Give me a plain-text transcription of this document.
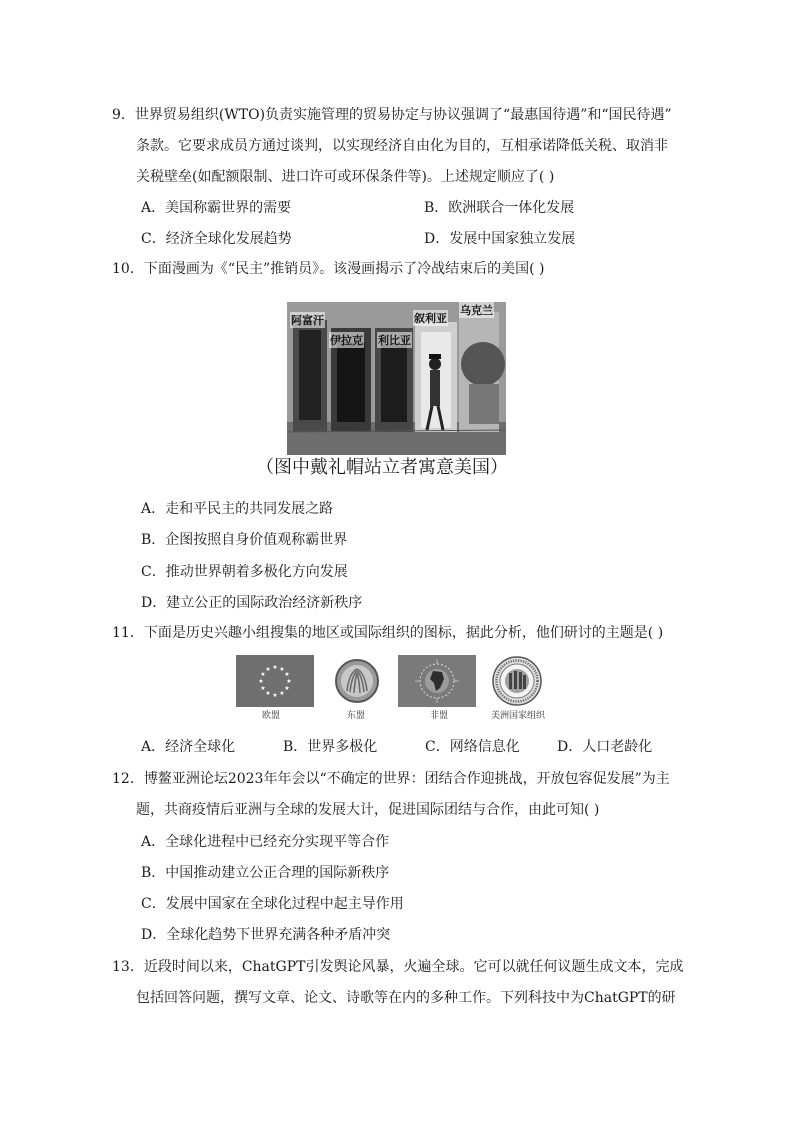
9．世界贸易组织(WTO)负责实施管理的贸易协定与协议强调了“最惠国待遇”和“国民待遇”
条款。它要求成员方通过谈判，以实现经济自由化为目的，互相承诺降低关税、取消非
关税壁垒(如配额限制、进口许可或环保条件等)。上述规定顺应了( )
A．美国称霸世界的需要	B．欧洲联合一体化发展
C．经济全球化发展趋势	D．发展中国家独立发展
10．下面漫画为《“民主”推销员》。该漫画揭示了冷战结束后的美国( )
阿富汗
伊拉克 利比亚
叙利亚
乌克兰
（图中戴礼帽站立者寓意美国）
A．走和平民主的共同发展之路
B．企图按照自身价值观称霸世界
C．推动世界朝着多极化方向发展
D．建立公正的国际政治经济新秩序
11．下面是历史兴趣小组搜集的地区或国际组织的图标，据此分析，他们研讨的主题是( )
★ ★
★
★
★
★
★
★
★
★
★
★
欧盟	东盟	非盟	美洲国家组织
A．经济全球化	B．世界多极化	C．网络信息化	D．人口老龄化
12．博鳌亚洲论坛2023年年会以“不确定的世界：团结合作迎挑战，开放包容促发展”为主
题，共商疫情后亚洲与全球的发展大计，促进国际团结与合作，由此可知( )
A．全球化进程中已经充分实现平等合作
B．中国推动建立公正合理的国际新秩序
C．发展中国家在全球化过程中起主导作用
D．全球化趋势下世界充满各种矛盾冲突
13．近段时间以来，ChatGPT引发舆论风暴，火遍全球。它可以就任何议题生成文本，完成
包括回答问题，撰写文章、论文、诗歌等在内的多种工作。下列科技中为ChatGPT的研
